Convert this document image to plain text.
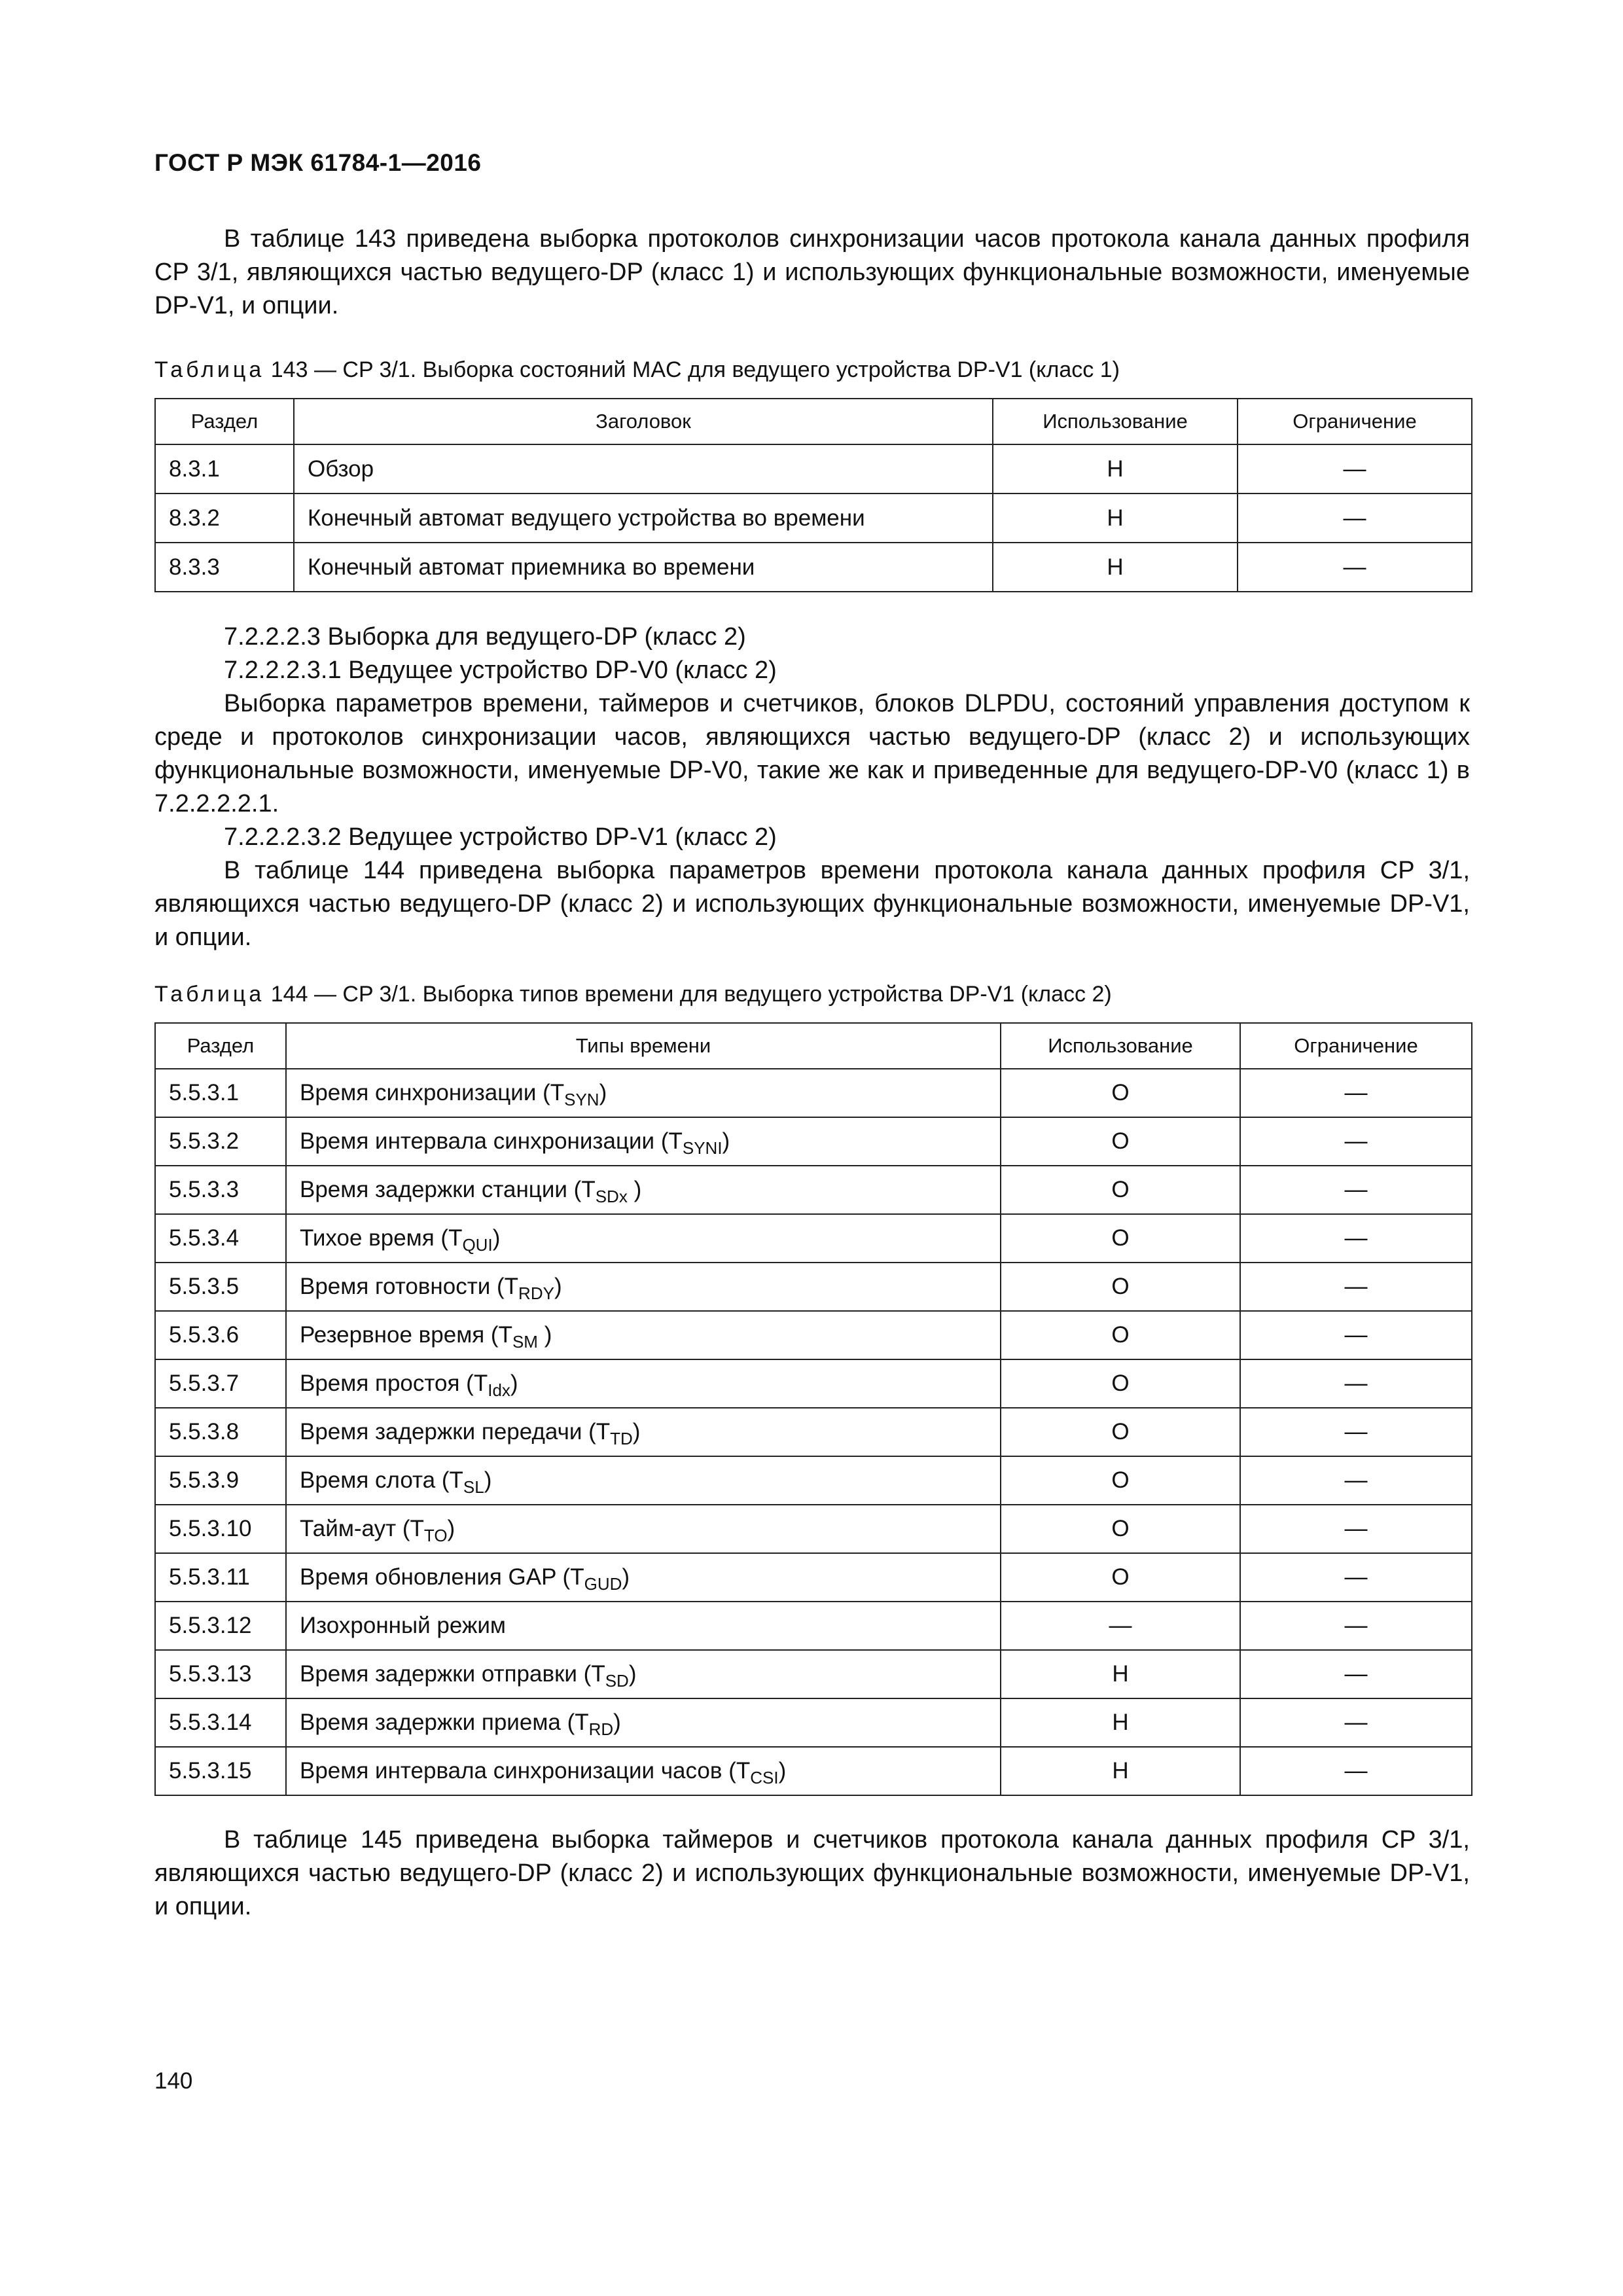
ГОСТ Р МЭК 61784-1—2016

В таблице 143 приведена выборка протоколов синхронизации часов протокола канала данных профиля CP 3/1, являющихся частью ведущего-DP (класс 1) и использующих функциональные возможности, именуемые DP-V1, и опции.

Таблица 143 — CP 3/1. Выборка состояний MAC для ведущего устройства DP-V1 (класс 1)

Раздел	Заголовок	Использование	Ограничение
8.3.1	Обзор	Н	—
8.3.2	Конечный автомат ведущего устройства во времени	Н	—
8.3.3	Конечный автомат приемника во времени	Н	—

7.2.2.2.3 Выборка для ведущего-DP (класс 2)

7.2.2.2.3.1 Ведущее устройство DP-V0 (класс 2)

Выборка параметров времени, таймеров и счетчиков, блоков DLPDU, состояний управления доступом к среде и протоколов синхронизации часов, являющихся частью ведущего-DP (класс 2) и использующих функциональные возможности, именуемые DP-V0, такие же как и приведенные для ведущего-DP-V0 (класс 1) в 7.2.2.2.2.1.

7.2.2.2.3.2 Ведущее устройство DP-V1 (класс 2)

В таблице 144 приведена выборка параметров времени протокола канала данных профиля CP 3/1, являющихся частью ведущего-DP (класс 2) и использующих функциональные возможности, именуемые DP-V1, и опции.

Таблица 144 — CP 3/1. Выборка типов времени для ведущего устройства DP-V1 (класс 2)

Раздел	Типы времени	Использование	Ограничение
5.5.3.1	Время синхронизации $(T_{SYN})$	О	—
5.5.3.2	Время интервала синхронизации $(T_{SYNI})$	О	—
5.5.3.3	Время задержки станции ($T_{SDx}$ )	О	—
5.5.3.4	Тихое время $(T_{QUI})$	О	—
5.5.3.5	Время готовности $(T_{RDY})$	О	—
5.5.3.6	Резервное время ($T_{SM}$ )	О	—
5.5.3.7	Время простоя $(T_{Idx})$	О	—
5.5.3.8	Время задержки передачи $(T_{TD})$	О	—
5.5.3.9	Время слота $(T_{SL})$	О	—
5.5.3.10	Тайм-аут $(T_{TO})$	О	—
5.5.3.11	Время обновления GAP $(T_{GUD})$	О	—
5.5.3.12	Изохронный режим	—	—
5.5.3.13	Время задержки отправки $(T_{SD})$	Н	—
5.5.3.14	Время задержки приема $(T_{RD})$	Н	—
5.5.3.15	Время интервала синхронизации часов $(T_{CSI})$	Н	—

В таблице 145 приведена выборка таймеров и счетчиков протокола канала данных профиля CP 3/1, являющихся частью ведущего-DP (класс 2) и использующих функциональные возможности, именуемые DP-V1, и опции.

140
